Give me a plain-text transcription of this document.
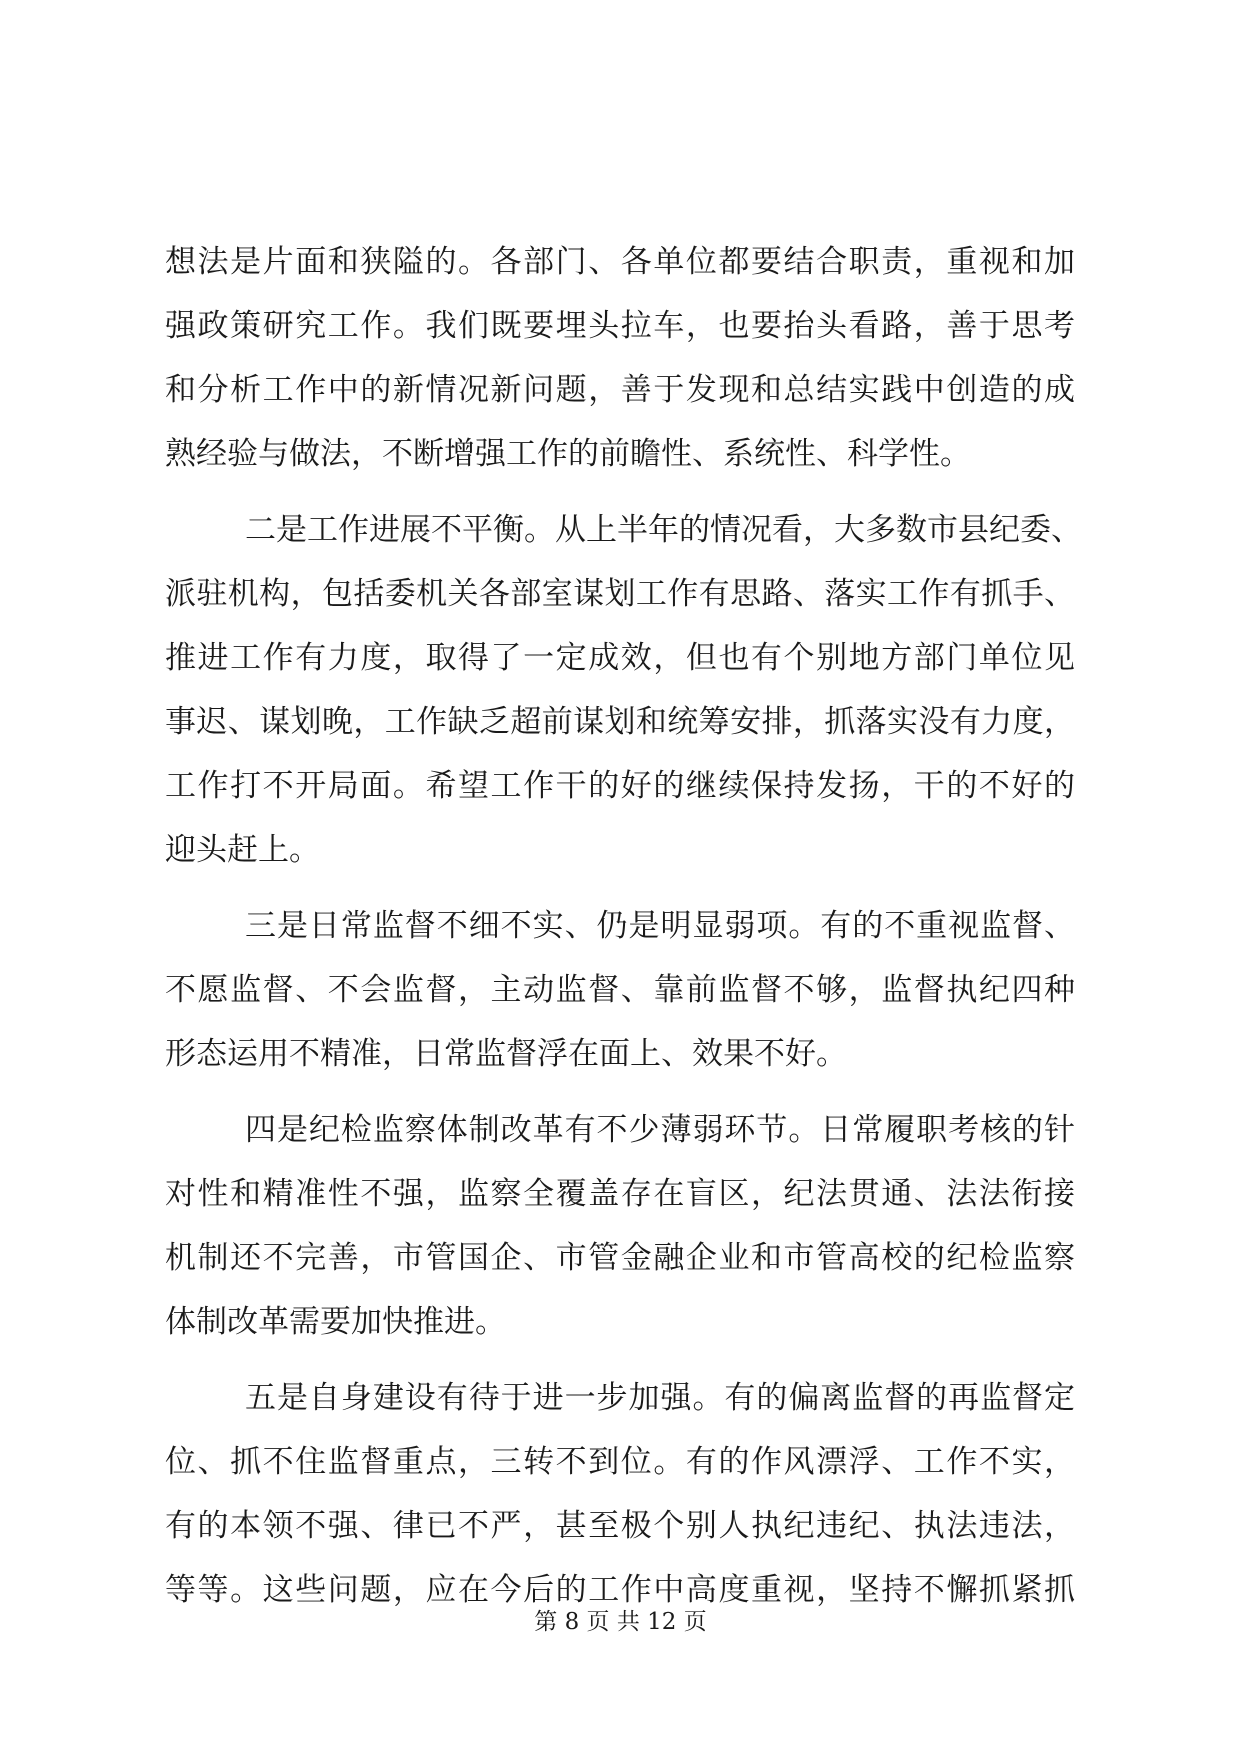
想法是片面和狭隘的。各部门、各单位都要结合职责，重视和加
强政策研究工作。我们既要埋头拉车，也要抬头看路，善于思考
和分析工作中的新情况新问题，善于发现和总结实践中创造的成
熟经验与做法，不断增强工作的前瞻性、系统性、科学性。
二是工作进展不平衡。从上半年的情况看，大多数市县纪委、
派驻机构，包括委机关各部室谋划工作有思路、落实工作有抓手、
推进工作有力度，取得了一定成效，但也有个别地方部门单位见
事迟、谋划晚，工作缺乏超前谋划和统筹安排，抓落实没有力度，
工作打不开局面。希望工作干的好的继续保持发扬，干的不好的
迎头赶上。
三是日常监督不细不实、仍是明显弱项。有的不重视监督、
不愿监督、不会监督，主动监督、靠前监督不够，监督执纪四种
形态运用不精准，日常监督浮在面上、效果不好。
四是纪检监察体制改革有不少薄弱环节。日常履职考核的针
对性和精准性不强，监察全覆盖存在盲区，纪法贯通、法法衔接
机制还不完善，市管国企、市管金融企业和市管高校的纪检监察
体制改革需要加快推进。
五是自身建设有待于进一步加强。有的偏离监督的再监督定
位、抓不住监督重点，三转不到位。有的作风漂浮、工作不实，
有的本领不强、律已不严，甚至极个别人执纪违纪、执法违法，
等等。这些问题，应在今后的工作中高度重视，坚持不懈抓紧抓
第 8 页 共 12 页
